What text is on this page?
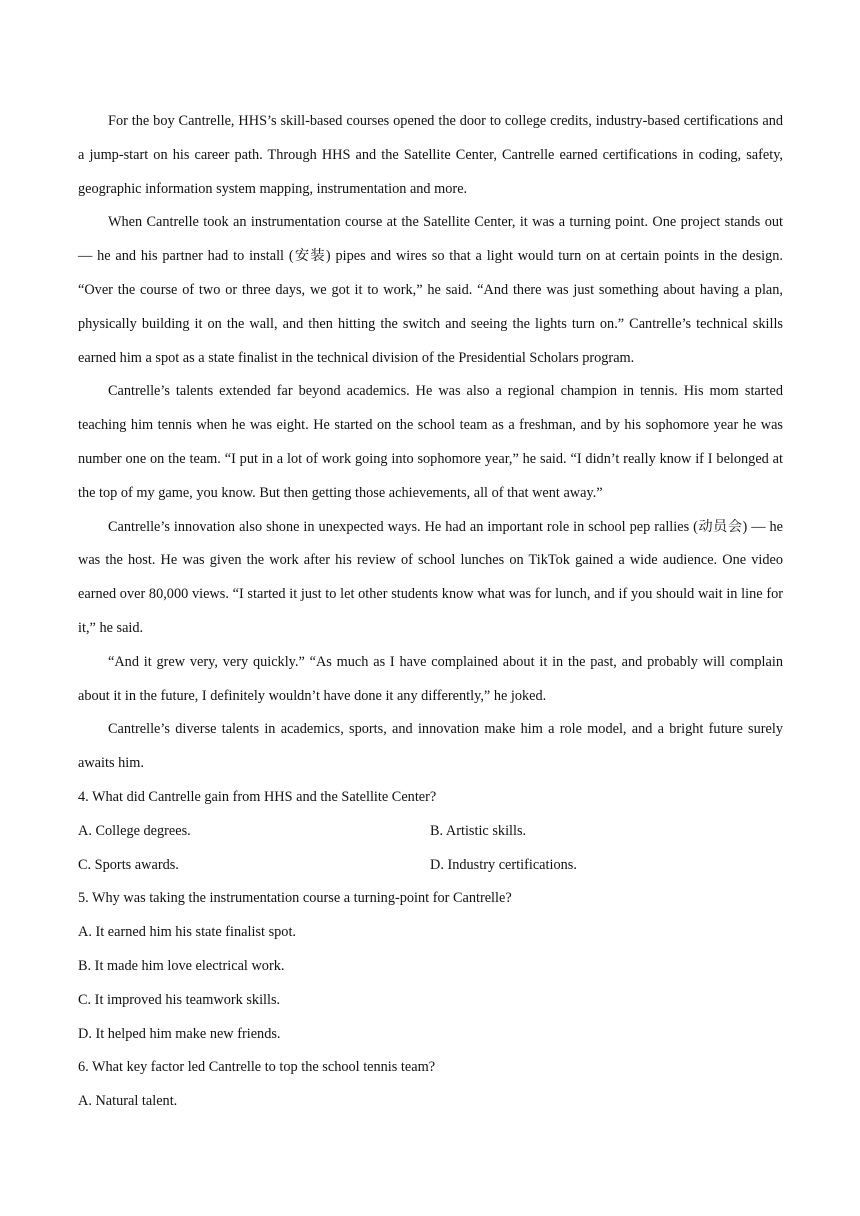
For the boy Cantrelle, HHS’s skill-based courses opened the door to college credits, industry-based certifications and a jump-start on his career path. Through HHS and the Satellite Center, Cantrelle earned certifications in coding, safety, geographic information system mapping, instrumentation and more.

When Cantrelle took an instrumentation course at the Satellite Center, it was a turning point. One project stands out — he and his partner had to install (安装) pipes and wires so that a light would turn on at certain points in the design. “Over the course of two or three days, we got it to work,” he said. “And there was just something about having a plan, physically building it on the wall, and then hitting the switch and seeing the lights turn on.” Cantrelle’s technical skills earned him a spot as a state finalist in the technical division of the Presidential Scholars program.

Cantrelle’s talents extended far beyond academics. He was also a regional champion in tennis. His mom started teaching him tennis when he was eight. He started on the school team as a freshman, and by his sophomore year he was number one on the team. “I put in a lot of work going into sophomore year,” he said. “I didn’t really know if I belonged at the top of my game, you know. But then getting those achievements, all of that went away.”

Cantrelle’s innovation also shone in unexpected ways. He had an important role in school pep rallies (动员会) — he was the host. He was given the work after his review of school lunches on TikTok gained a wide audience. One video earned over 80,000 views. “I started it just to let other students know what was for lunch, and if you should wait in line for it,” he said.

“And it grew very, very quickly.” “As much as I have complained about it in the past, and probably will complain about it in the future, I definitely wouldn’t have done it any differently,” he joked.

Cantrelle’s diverse talents in academics, sports, and innovation make him a role model, and a bright future surely awaits him.

4. What did Cantrelle gain from HHS and the Satellite Center?

A. College degrees.	B. Artistic skills.
C. Sports awards.	D. Industry certifications.

5. Why was taking the instrumentation course a turning-point for Cantrelle?

A. It earned him his state finalist spot.

B. It made him love electrical work.

C. It improved his teamwork skills.

D. It helped him make new friends.

6. What key factor led Cantrelle to top the school tennis team?

A. Natural talent.
